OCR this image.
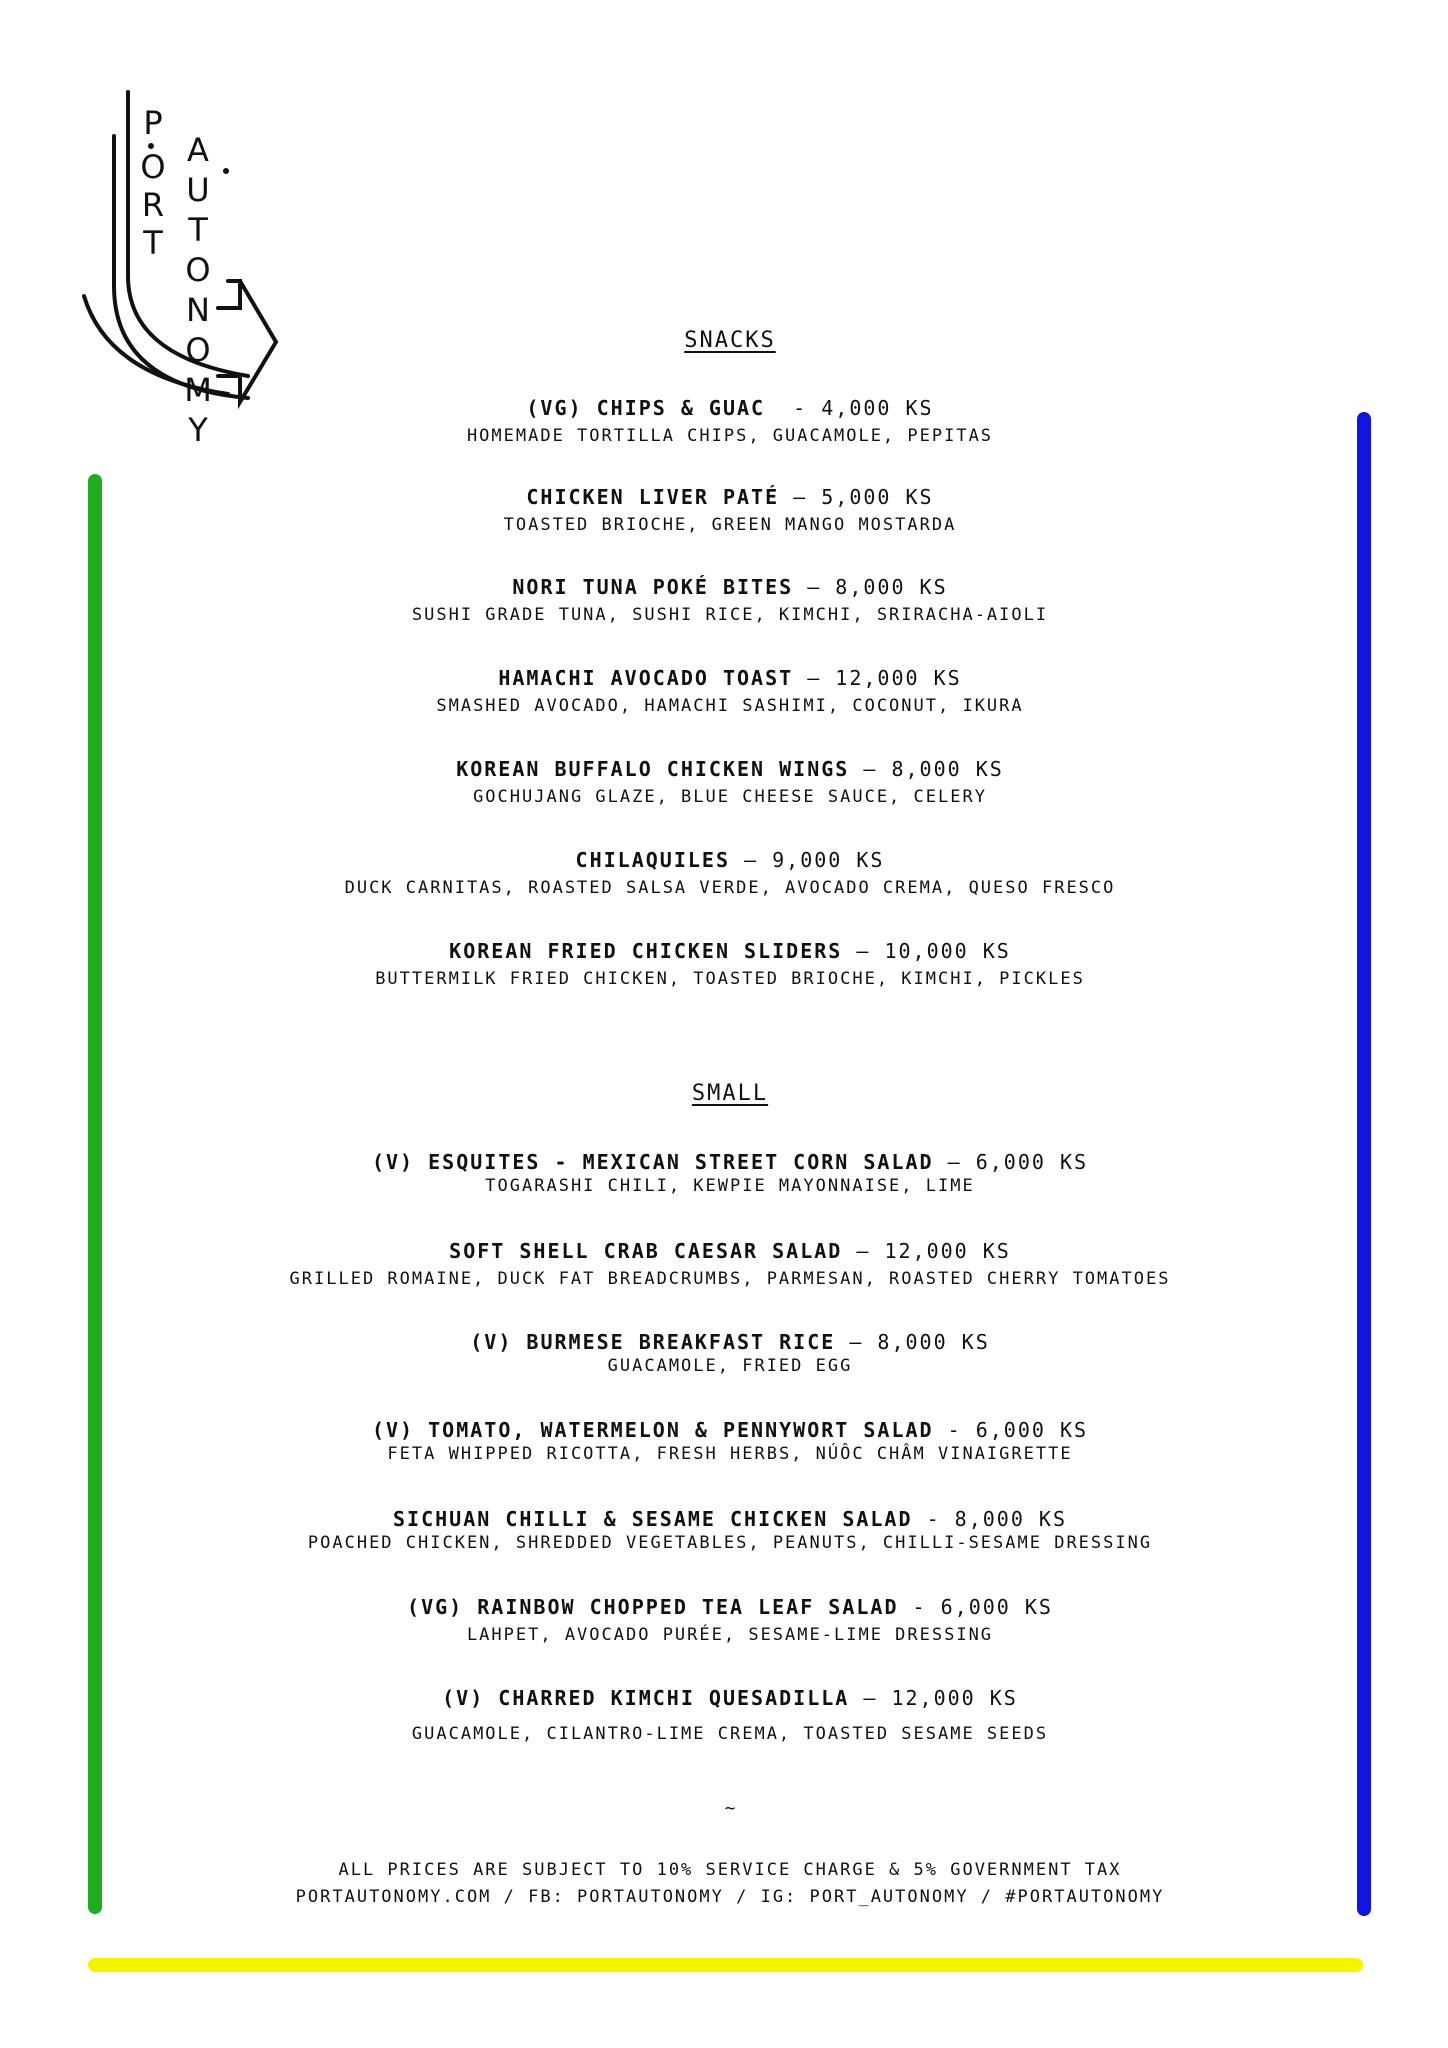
P
O
R
T
A
U
T
O
N
O
M
Y
SNACKS
(VG) CHIPS & GUAC  - 4,000 KS
HOMEMADE TORTILLA CHIPS, GUACAMOLE, PEPITAS
CHICKEN LIVER PATÉ – 5,000 KS
TOASTED BRIOCHE, GREEN MANGO MOSTARDA
NORI TUNA POKÉ BITES – 8,000 KS
SUSHI GRADE TUNA, SUSHI RICE, KIMCHI, SRIRACHA-AIOLI
HAMACHI AVOCADO TOAST – 12,000 KS
SMASHED AVOCADO, HAMACHI SASHIMI, COCONUT, IKURA
KOREAN BUFFALO CHICKEN WINGS – 8,000 KS
GOCHUJANG GLAZE, BLUE CHEESE SAUCE, CELERY
CHILAQUILES – 9,000 KS
DUCK CARNITAS, ROASTED SALSA VERDE, AVOCADO CREMA, QUESO FRESCO
KOREAN FRIED CHICKEN SLIDERS – 10,000 KS
BUTTERMILK FRIED CHICKEN, TOASTED BRIOCHE, KIMCHI, PICKLES
SMALL
(V) ESQUITES - MEXICAN STREET CORN SALAD – 6,000 KS
TOGARASHI CHILI, KEWPIE MAYONNAISE, LIME
SOFT SHELL CRAB CAESAR SALAD – 12,000 KS
GRILLED ROMAINE, DUCK FAT BREADCRUMBS, PARMESAN, ROASTED CHERRY TOMATOES
(V) BURMESE BREAKFAST RICE – 8,000 KS
GUACAMOLE, FRIED EGG
(V) TOMATO, WATERMELON & PENNYWORT SALAD - 6,000 KS
FETA WHIPPED RICOTTA, FRESH HERBS, NÚÔC CHÂM VINAIGRETTE
SICHUAN CHILLI & SESAME CHICKEN SALAD - 8,000 KS
POACHED CHICKEN, SHREDDED VEGETABLES, PEANUTS, CHILLI-SESAME DRESSING
(VG) RAINBOW CHOPPED TEA LEAF SALAD - 6,000 KS
LAHPET, AVOCADO PURÉE, SESAME-LIME DRESSING
(V) CHARRED KIMCHI QUESADILLA – 12,000 KS
GUACAMOLE, CILANTRO-LIME CREMA, TOASTED SESAME SEEDS
~
ALL PRICES ARE SUBJECT TO 10% SERVICE CHARGE & 5% GOVERNMENT TAX
PORTAUTONOMY.COM / FB: PORTAUTONOMY / IG: PORT_AUTONOMY / #PORTAUTONOMY
